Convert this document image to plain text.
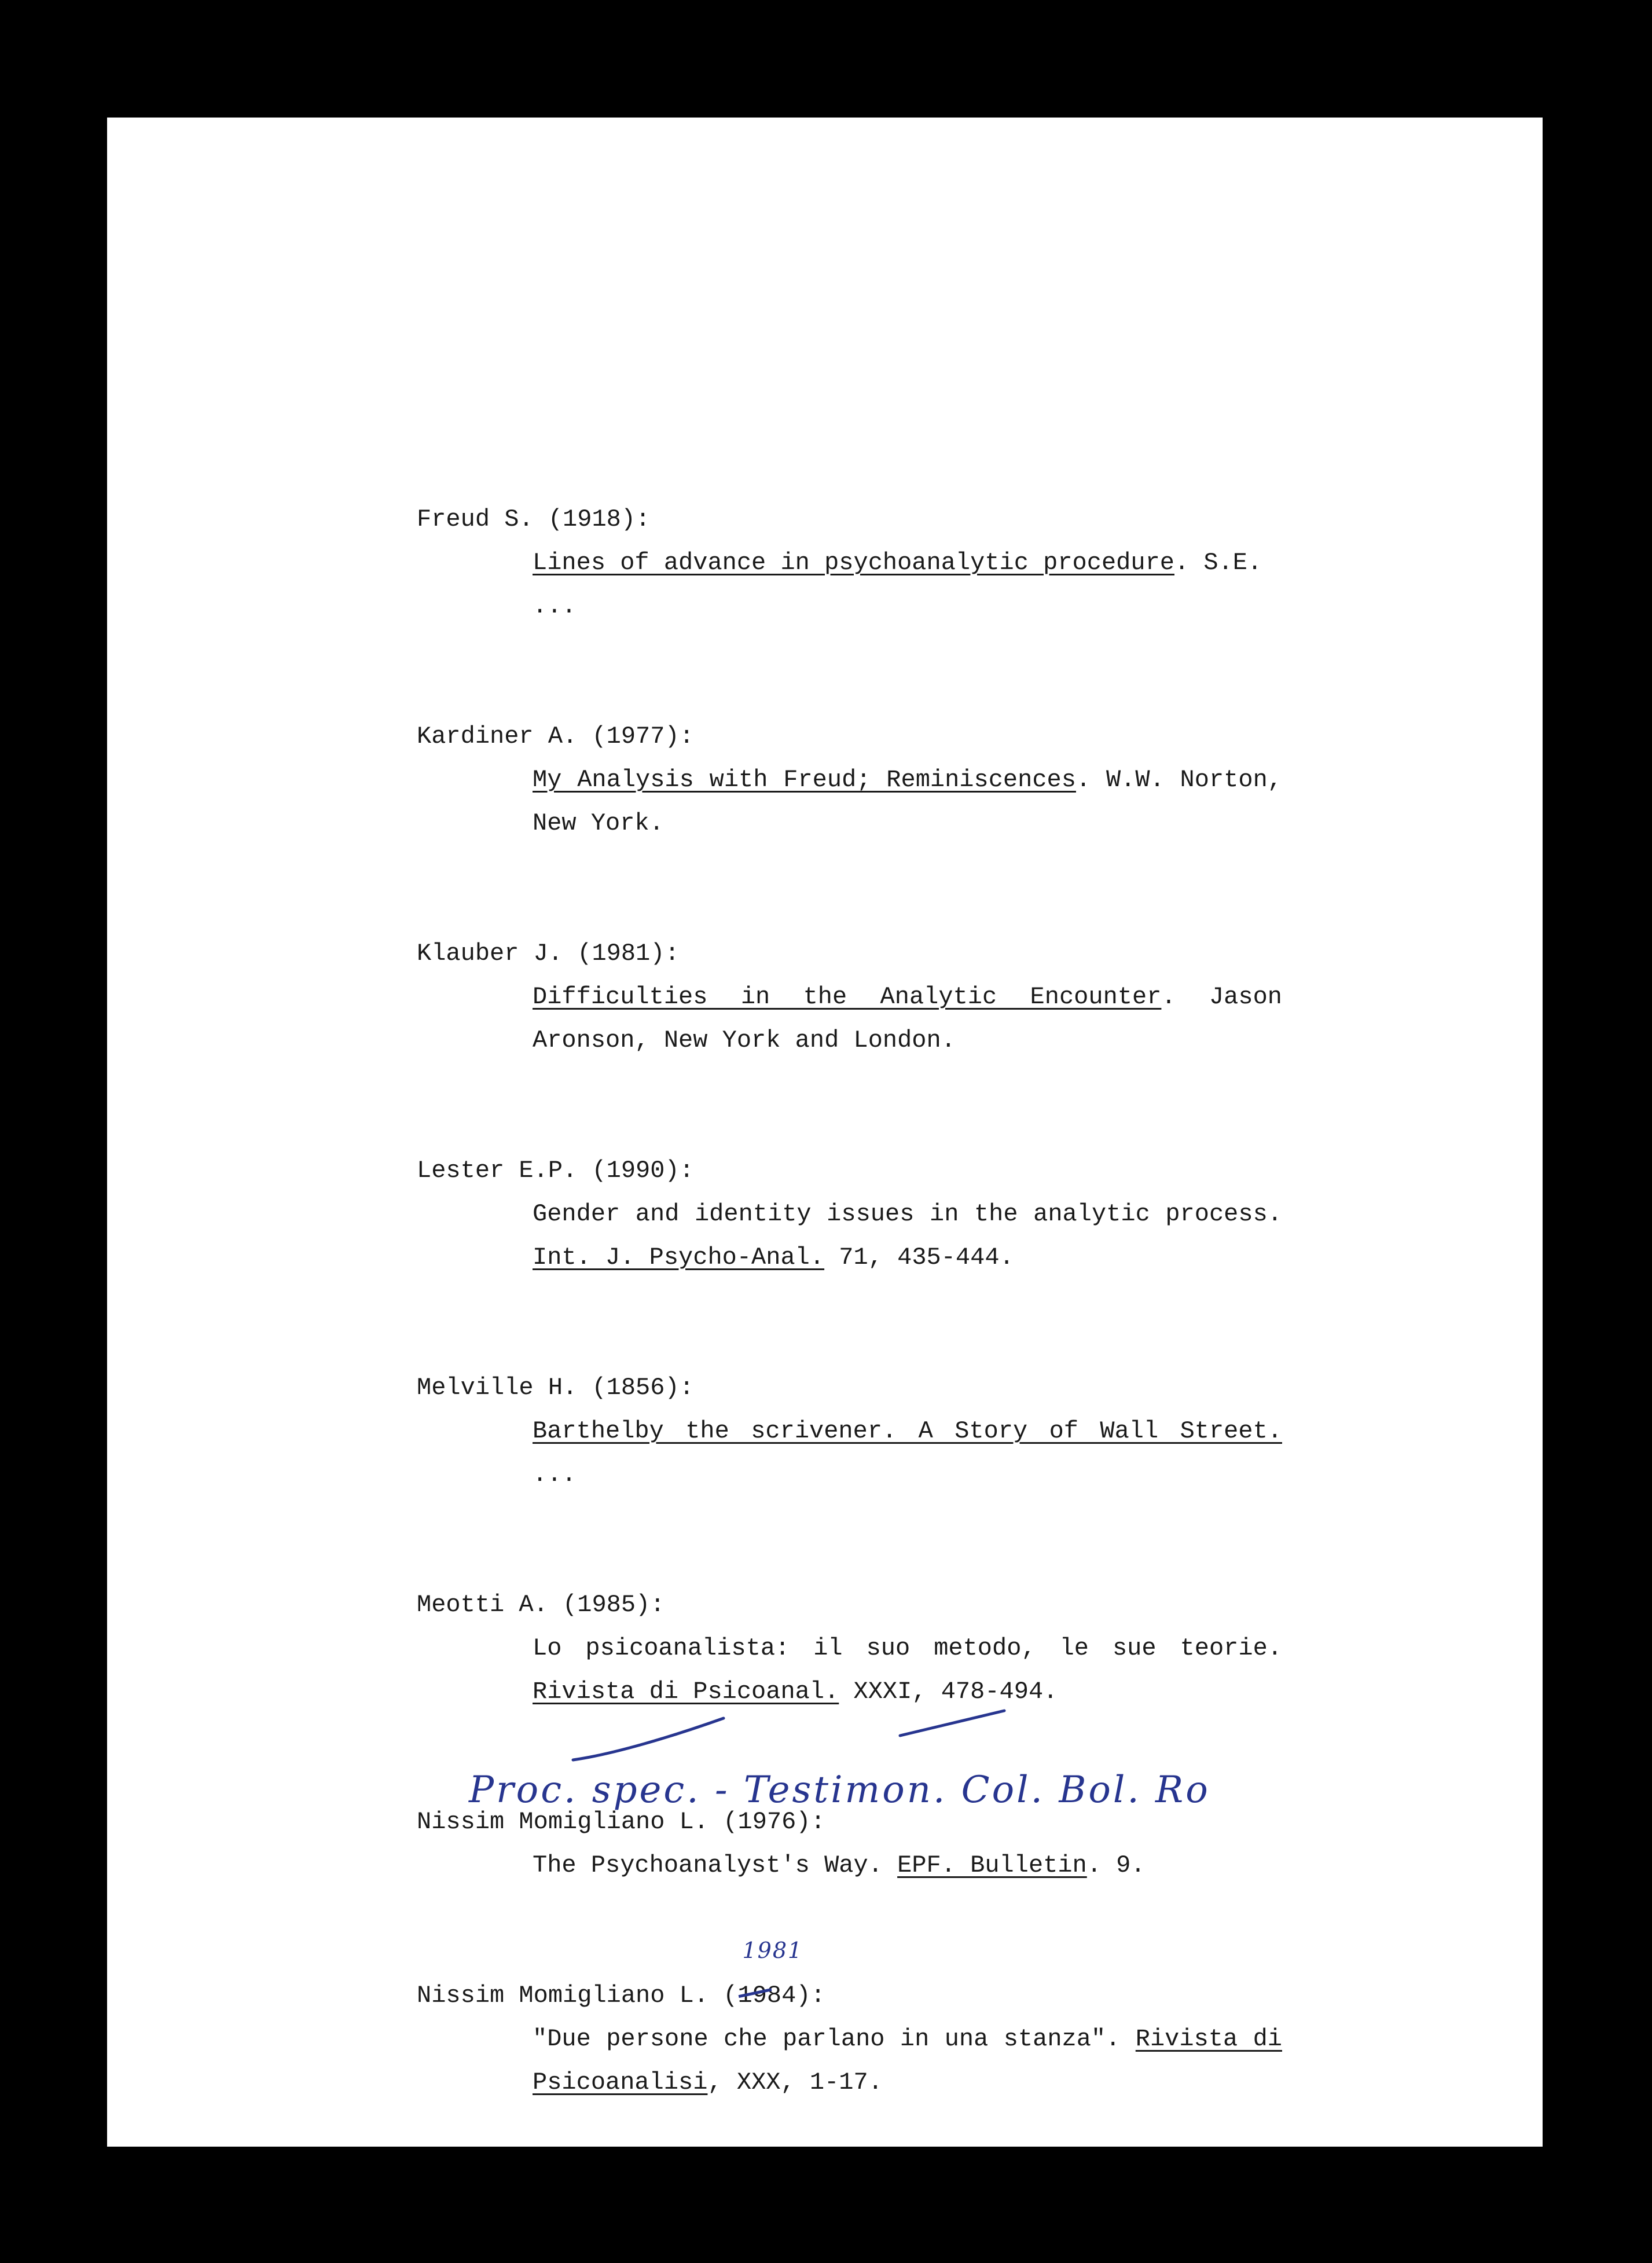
Freud S. (1918):
Lines of advance in psychoanalytic procedure. S.E.
...
Kardiner A. (1977):
My Analysis with Freud; Reminiscences. W.W. Norton, New York.
Klauber J. (1981):
Difficulties in the Analytic Encounter. Jason Aronson, New York and London.
Lester E.P. (1990):
Gender and identity issues in the analytic process. Int. J. Psycho-Anal. 71, 435-444.
Melville H. (1856):
Barthelby the scrivener. A Story of Wall Street. ...
Meotti A. (1985):
Lo psicoanalista: il suo metodo, le sue teorie. Rivista di Psicoanal. XXXI, 478-494.
Nissim Momigliano L. (1976):
The Psychoanalyst's Way. EPF. Bulletin. 9.
Nissim Momigliano L. (1984
1981
):
"Due persone che parlano in una stanza". Rivista di Psicoanalisi, XXX, 1-17.
Proc. spec. - Testimon. Col. Bol. Ro
